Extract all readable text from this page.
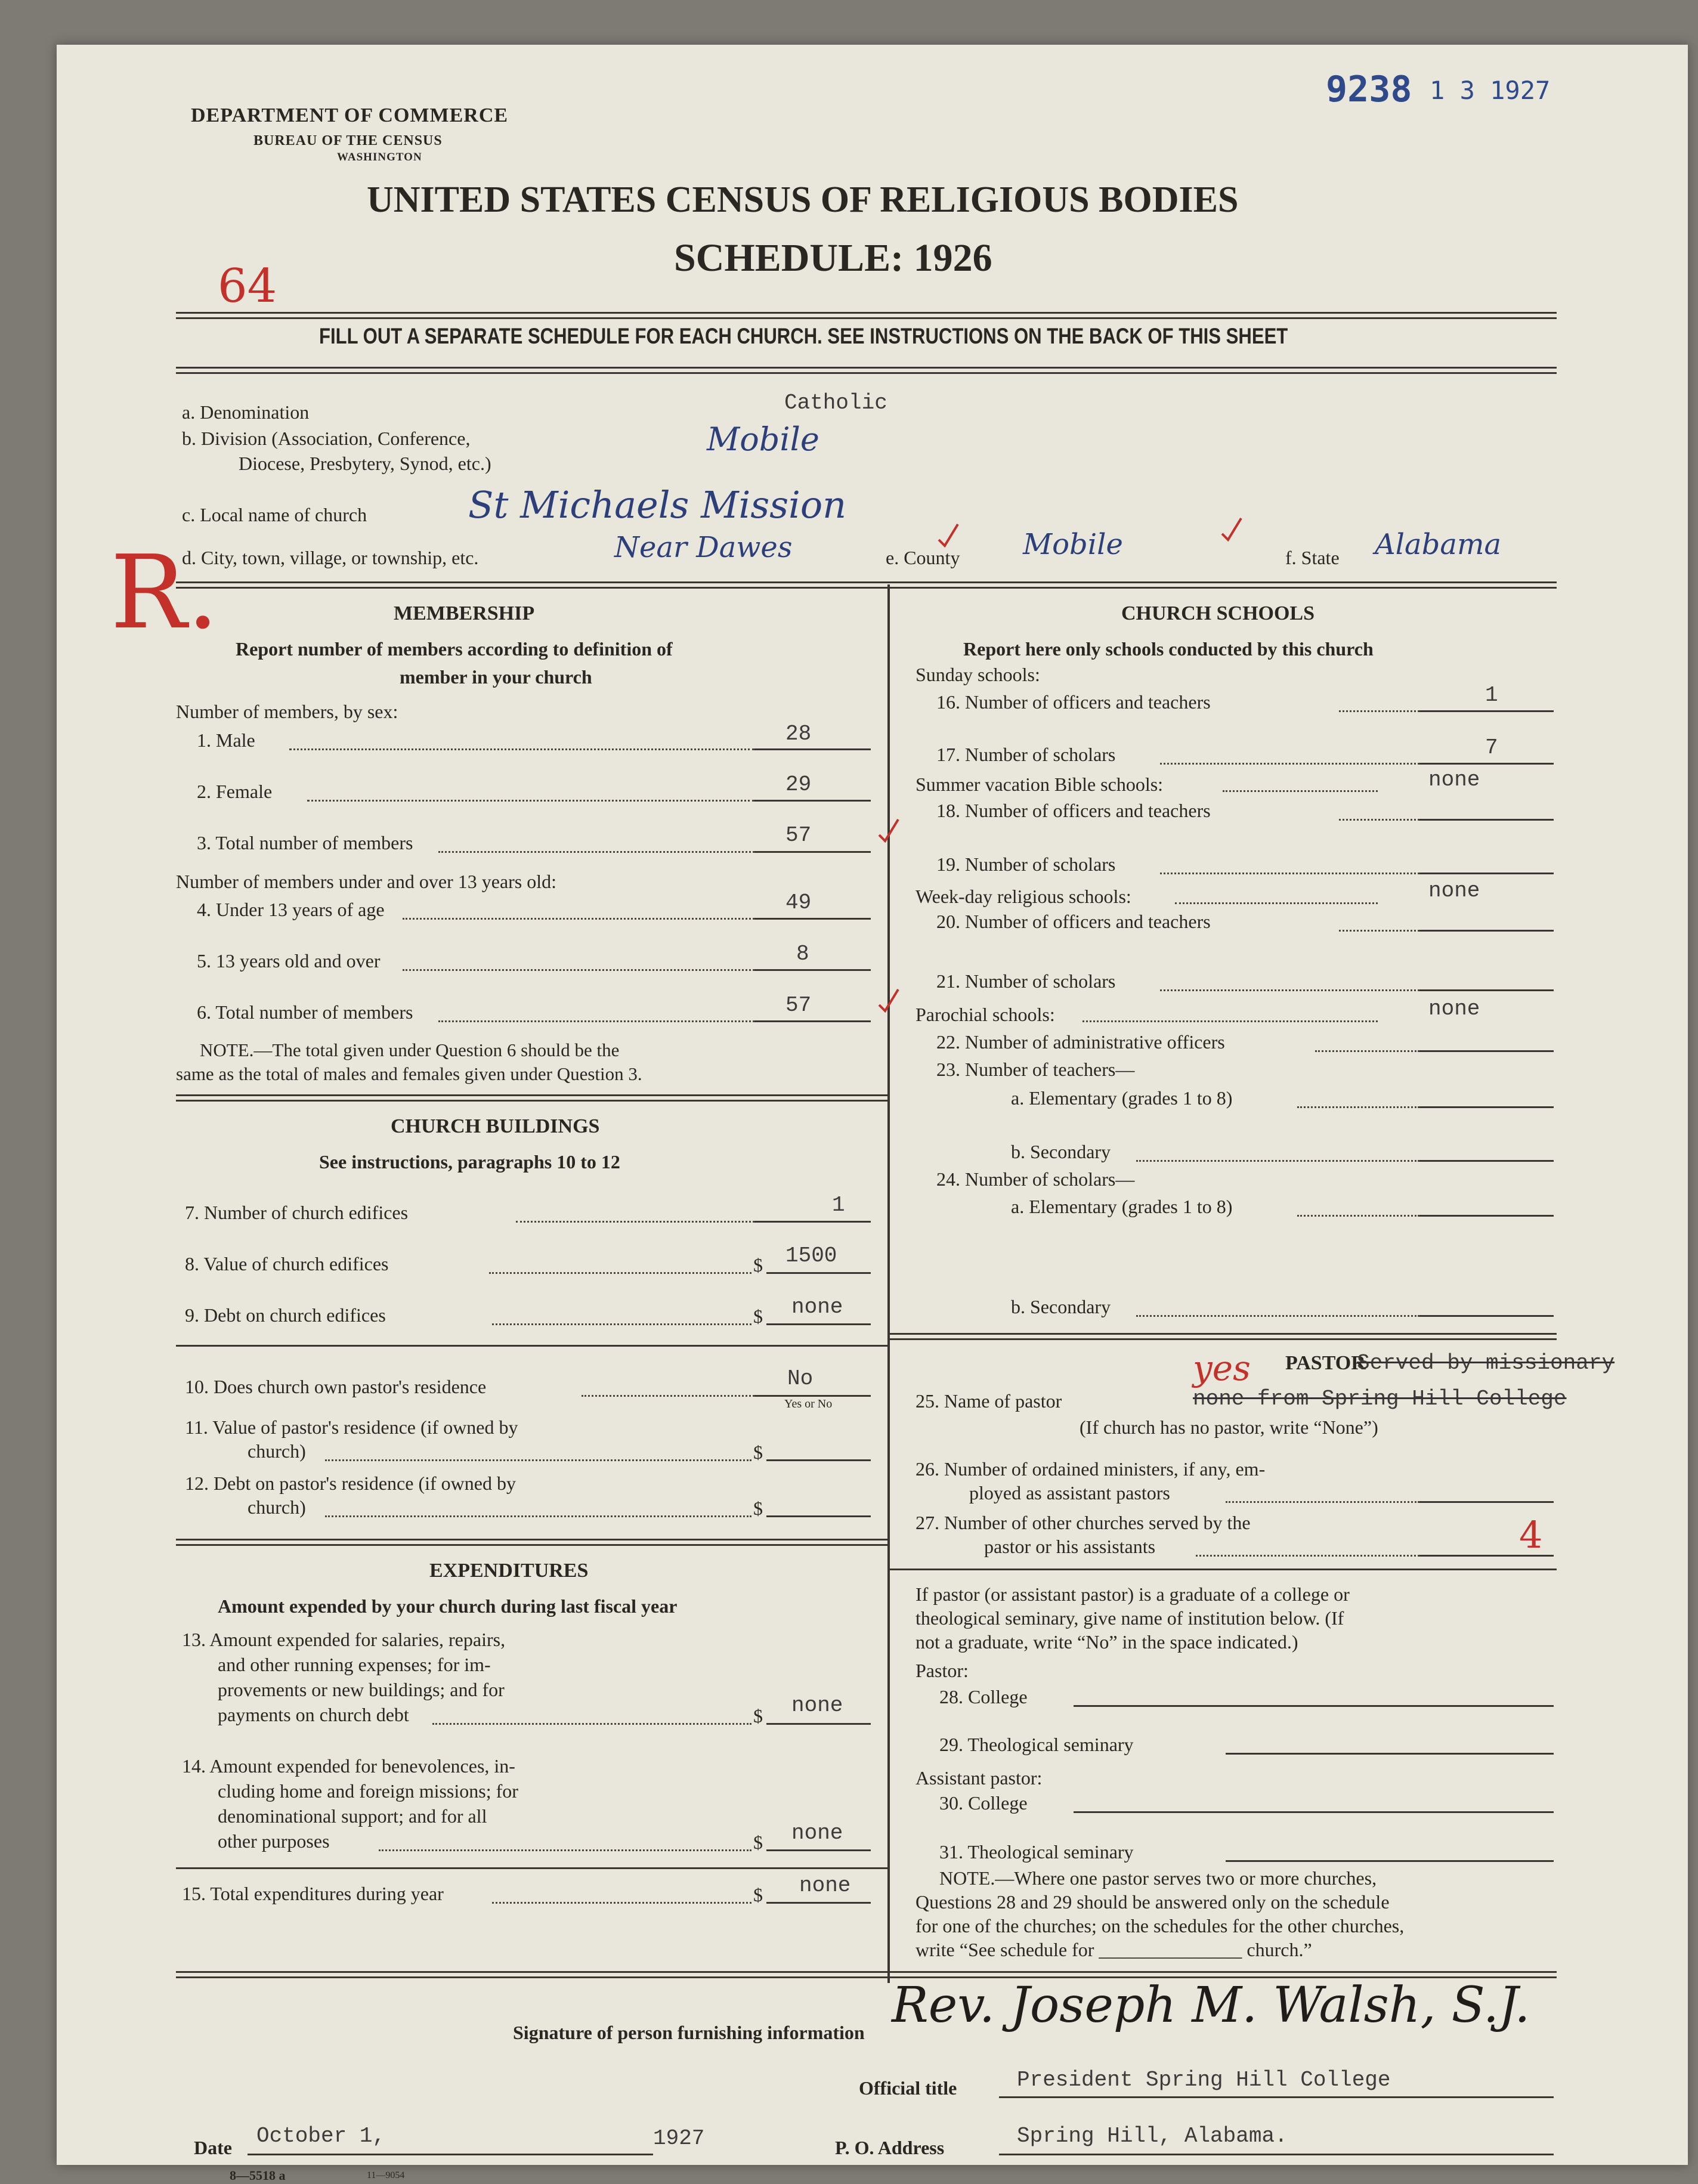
9238 1 3 1927
DEPARTMENT OF COMMERCE
BUREAU OF THE CENSUS
WASHINGTON
UNITED STATES CENSUS OF RELIGIOUS BODIES
SCHEDULE: 1926
64
R.
FILL OUT A SEPARATE SCHEDULE FOR EACH CHURCH. SEE INSTRUCTIONS ON THE BACK OF THIS SHEET
a. Denomination	Catholic
b. Division (Association, Conference,
Diocese, Presbytery, Synod, etc.)
Mobile
c. Local name of church	St Michaels Mission
d. City, town, village, or township, etc.	Near Dawes	e. County Mobile	f. State Alabama
MEMBERSHIP
Report number of members according to definition of
member in your church
Number of members, by sex:
1. Male	28
2. Female	29
3. Total number of members	57
Number of members under and over 13 years old:
4. Under 13 years of age	49
5. 13 years old and over	8
6. Total number of members	57
NOTE.—The total given under Question 6 should be the
same as the total of males and females given under Question 3.
CHURCH BUILDINGS
See instructions, paragraphs 10 to 12
7. Number of church edifices	1
8. Value of church edifices	$ 1500
9. Debt on church edifices	$ none
10. Does church own pastor's residence	No
Yes or No
11. Value of pastor's residence (if owned by
church)	$
12. Debt on pastor's residence (if owned by
church)	$
EXPENDITURES
Amount expended by your church during last fiscal year
13. Amount expended for salaries, repairs,
and other running expenses; for im-
provements or new buildings; and for
payments on church debt	$ none
14. Amount expended for benevolences, in-
cluding home and foreign missions; for
denominational support; and for all
other purposes	$ none
15. Total expenditures during year	$ none
CHURCH SCHOOLS
Report here only schools conducted by this church
Sunday schools:
16. Number of officers and teachers	1
17. Number of scholars	7
Summer vacation Bible schools:	none
18. Number of officers and teachers
19. Number of scholars
Week-day religious schools:	none
20. Number of officers and teachers
21. Number of scholars
Parochial schools:	none
22. Number of administrative officers
23. Number of teachers—
a. Elementary (grades 1 to 8)
b. Secondary
24. Number of scholars—
a. Elementary (grades 1 to 8)
b. Secondary
PASTOR
Served by missionary
25. Name of pastor
yes
none from Spring Hill College
(If church has no pastor, write “None”)
26. Number of ordained ministers, if any, em-
ployed as assistant pastors
27. Number of other churches served by the
pastor or his assistants	4
If pastor (or assistant pastor) is a graduate of a college or
theological seminary, give name of institution below. (If
not a graduate, write “No” in the space indicated.)
Pastor:
28. College
29. Theological seminary
Assistant pastor:
30. College
31. Theological seminary
NOTE.—Where one pastor serves two or more churches,
Questions 28 and 29 should be answered only on the schedule
for one of the churches; on the schedules for the other churches,
write “See schedule for _______________ church.”
Signature of person furnishing information Rev. Joseph M. Walsh, S.J.
Official title	President Spring Hill College
Date October 1,	1927	P. O. Address	Spring Hill, Alabama.
8—5518 a	11—9054
